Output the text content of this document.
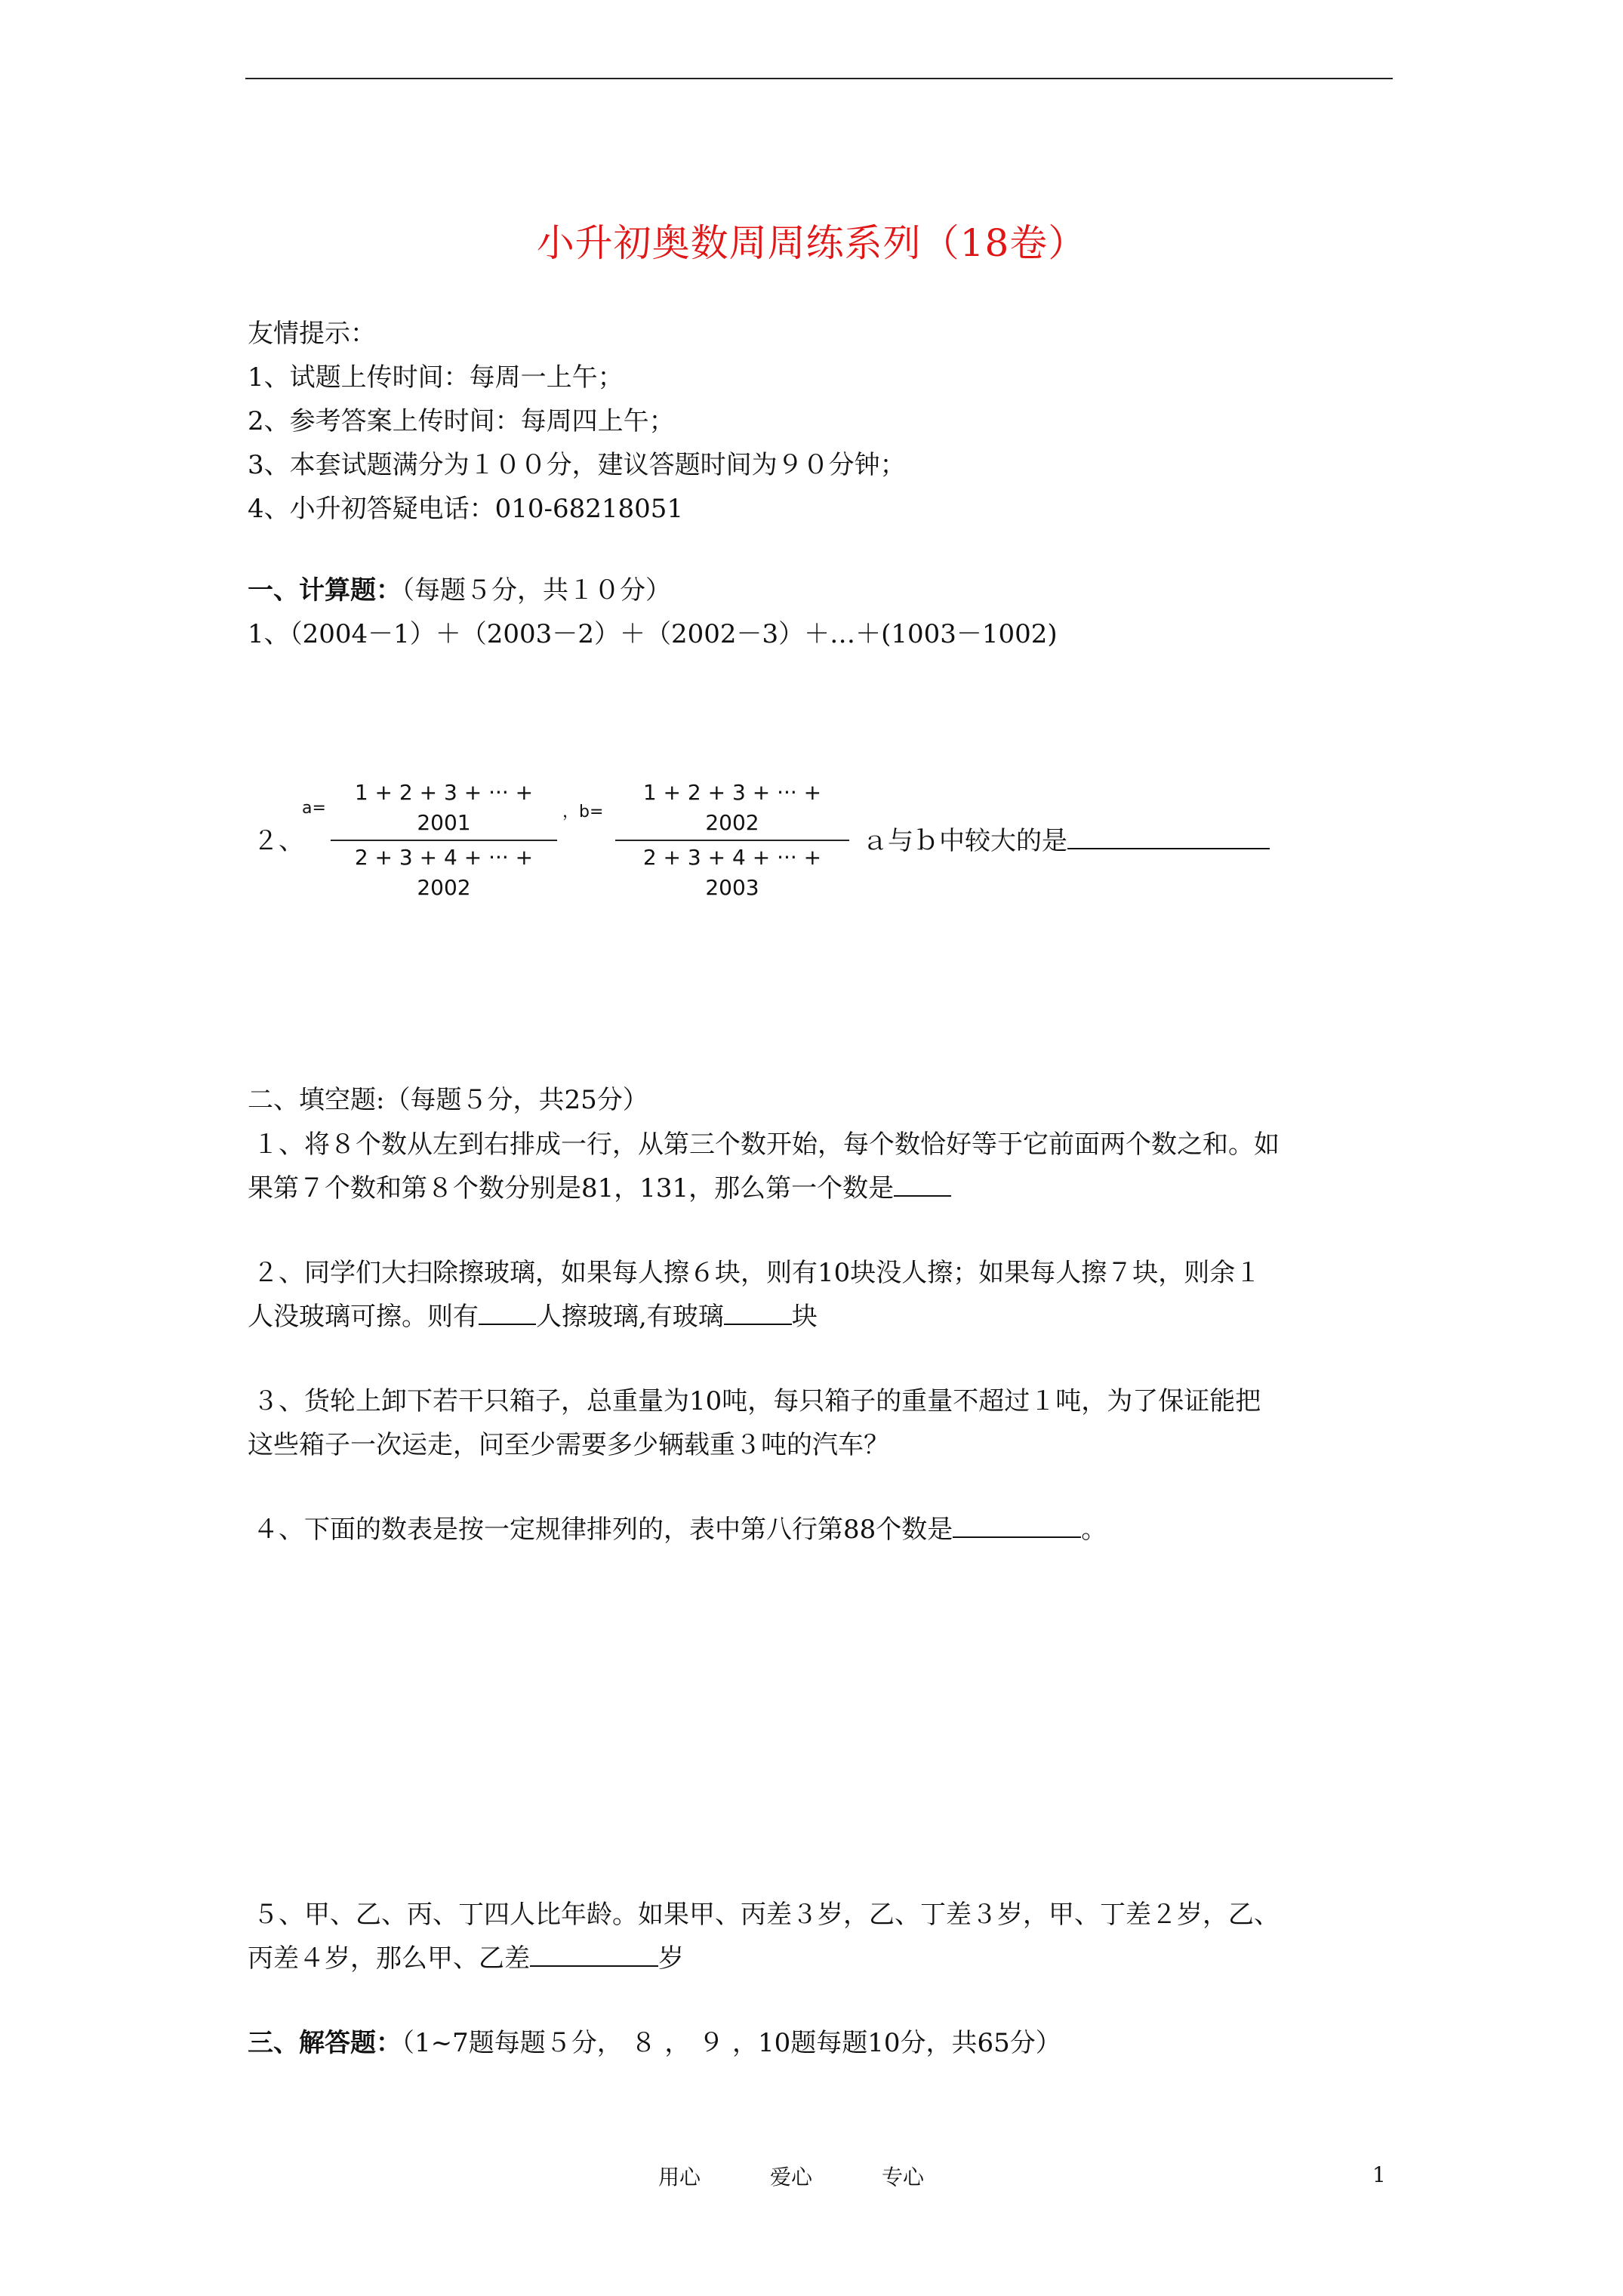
小升初奥数周周练系列（18卷）
友情提示：
1、试题上传时间：每周一上午；
2、参考答案上传时间：每周四上午；
3、本套试题满分为１００分，建议答题时间为９０分钟；
4、小升初答疑电话：010-68218051
一、计算题：（每题５分，共１０分）
1、（2004－1）＋（2003－2）＋（2002－3）＋…＋(1003－1002)
２、
a=
1 + 2 + 3 + ··· + 2001
2 + 3 + 4 + ··· + 2002
，b=
1 + 2 + 3 + ··· + 2002
2 + 3 + 4 + ··· + 2003
ａ与ｂ中较大的是
二、填空题:（每题５分，共25分）
１、将８个数从左到右排成一行，从第三个数开始，每个数恰好等于它前面两个数之和。如
果第７个数和第８个数分别是81，131，那么第一个数是
２、同学们大扫除擦玻璃，如果每人擦６块，则有10块没人擦；如果每人擦７块，则余１
人没玻璃可擦。则有 人擦玻璃,有玻璃	块
３、货轮上卸下若干只箱子，总重量为10吨，每只箱子的重量不超过１吨，为了保证能把
这些箱子一次运走，问至少需要多少辆载重３吨的汽车？
４、下面的数表是按一定规律排列的，表中第八行第88个数是	。
５、甲、乙、丙、丁四人比年龄。如果甲、丙差３岁，乙、丁差３岁，甲、丁差２岁，乙、
丙差４岁，那么甲、乙差	岁
三、解答题：（1~7题每题５分， ８ ， ９ ，10题每题10分，共65分）
用心	爱心	专心	1
